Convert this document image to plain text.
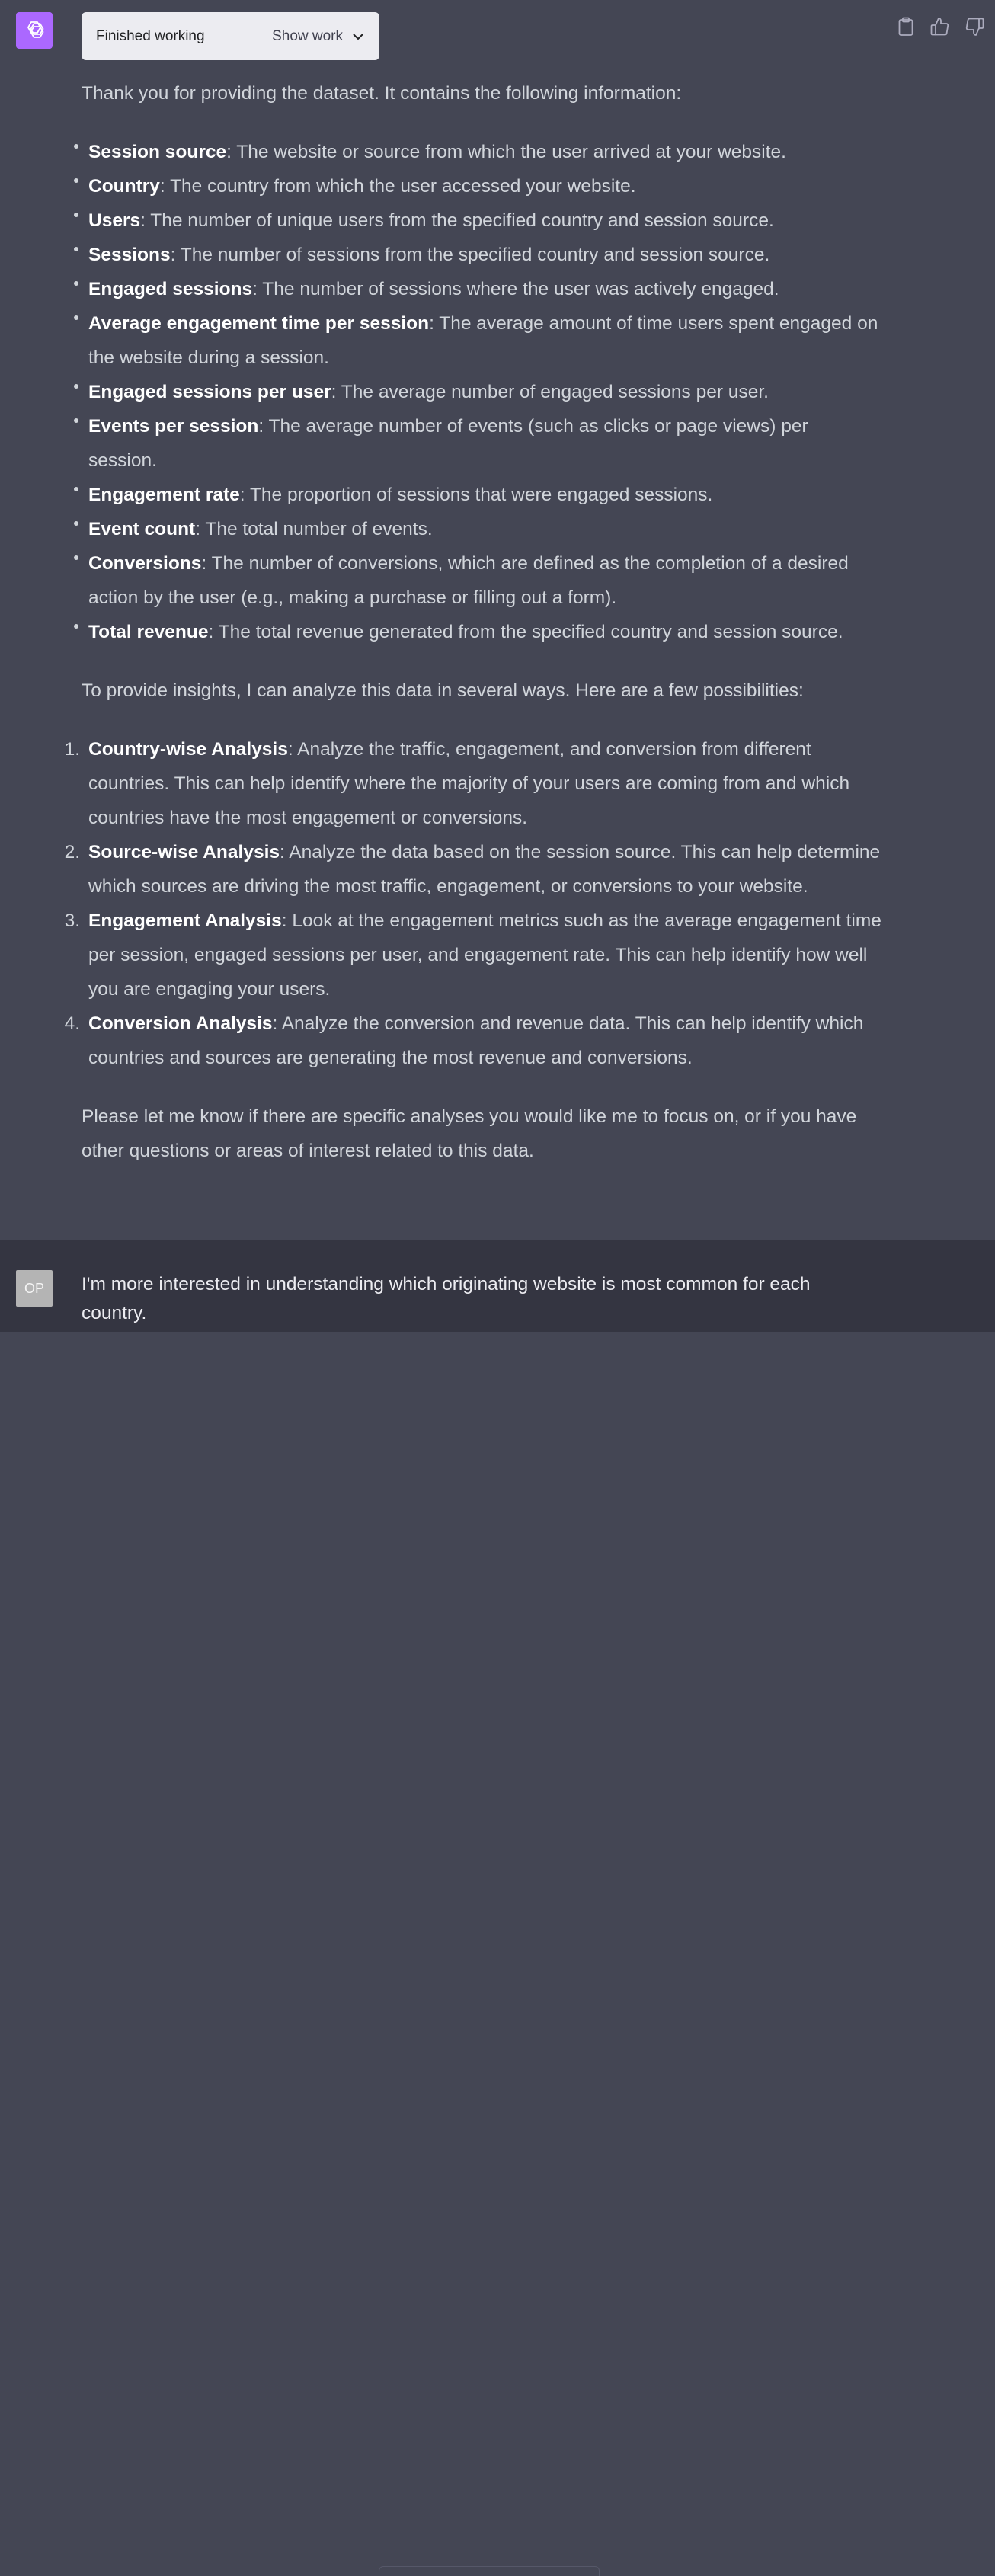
Finished working	Show work

Thank you for providing the dataset. It contains the following information:

Session source: The website or source from which the user arrived at your website.
Country: The country from which the user accessed your website.
Users: The number of unique users from the specified country and session source.
Sessions: The number of sessions from the specified country and session source.
Engaged sessions: The number of sessions where the user was actively engaged.
Average engagement time per session: The average amount of time users spent engaged on the website during a session.
Engaged sessions per user: The average number of engaged sessions per user.
Events per session: The average number of events (such as clicks or page views) per session.
Engagement rate: The proportion of sessions that were engaged sessions.
Event count: The total number of events.
Conversions: The number of conversions, which are defined as the completion of a desired action by the user (e.g., making a purchase or filling out a form).
Total revenue: The total revenue generated from the specified country and session source.

To provide insights, I can analyze this data in several ways. Here are a few possibilities:

1. Country-wise Analysis: Analyze the traffic, engagement, and conversion from different countries. This can help identify where the majority of your users are coming from and which countries have the most engagement or conversions.
2. Source-wise Analysis: Analyze the data based on the session source. This can help determine which sources are driving the most traffic, engagement, or conversions to your website.
3. Engagement Analysis: Look at the engagement metrics such as the average engagement time per session, engaged sessions per user, and engagement rate. This can help identify how well you are engaging your users.
4. Conversion Analysis: Analyze the conversion and revenue data. This can help identify which countries and sources are generating the most revenue and conversions.

Please let me know if there are specific analyses you would like me to focus on, or if you have other questions or areas of interest related to this data.

OP	I'm more interested in understanding which originating website is most common for each country.
